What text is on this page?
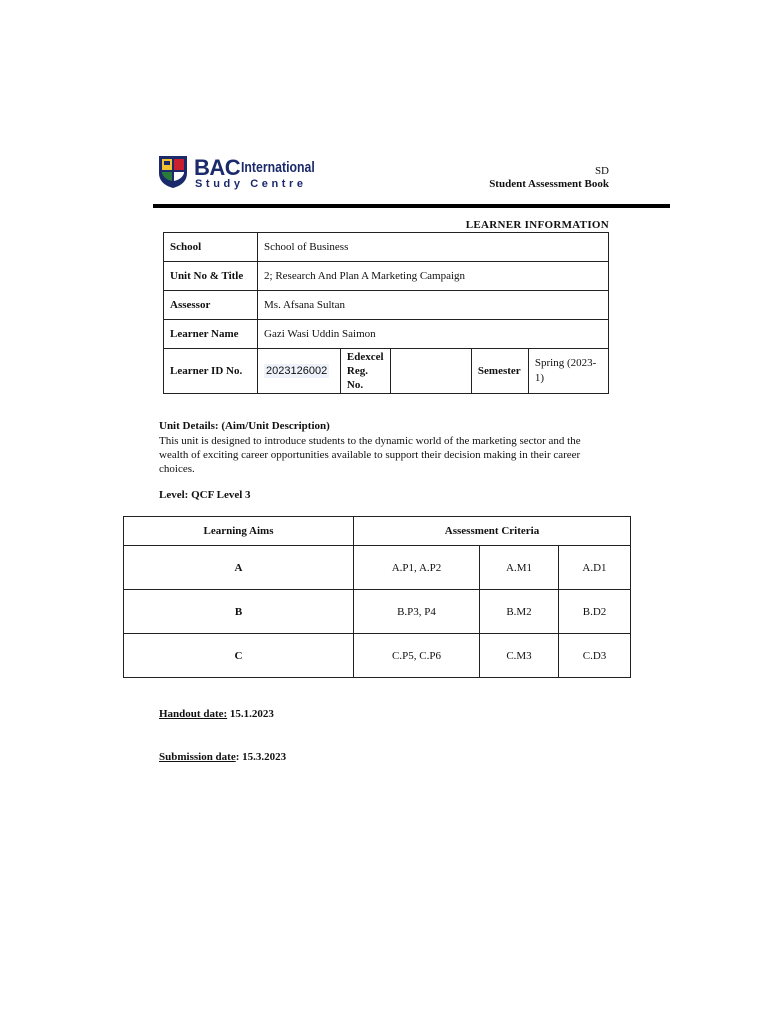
BAC International
Study Centre
SD
Student Assessment Book
LEARNER INFORMATION
School	School of Business				
Unit No & Title	2; Research And Plan A Marketing Campaign				
Assessor	Ms. Afsana Sultan				
Learner Name	Gazi Wasi Uddin Saimon				
Learner ID No.	2023126002	Edexcel Reg. No.		Semester	Spring (2023-1)
Unit Details: (Aim/Unit Description)
This unit is designed to introduce students to the dynamic world of the marketing sector and the wealth of exciting career opportunities available to support their decision making in their career choices.
Level: QCF Level 3
Learning Aims	Assessment Criteria		
A	A.P1, A.P2	A.M1	A.D1
B	B.P3, P4	B.M2	B.D2
C	C.P5, C.P6	C.M3	C.D3
Handout date: 15.1.2023
Submission date: 15.3.2023
